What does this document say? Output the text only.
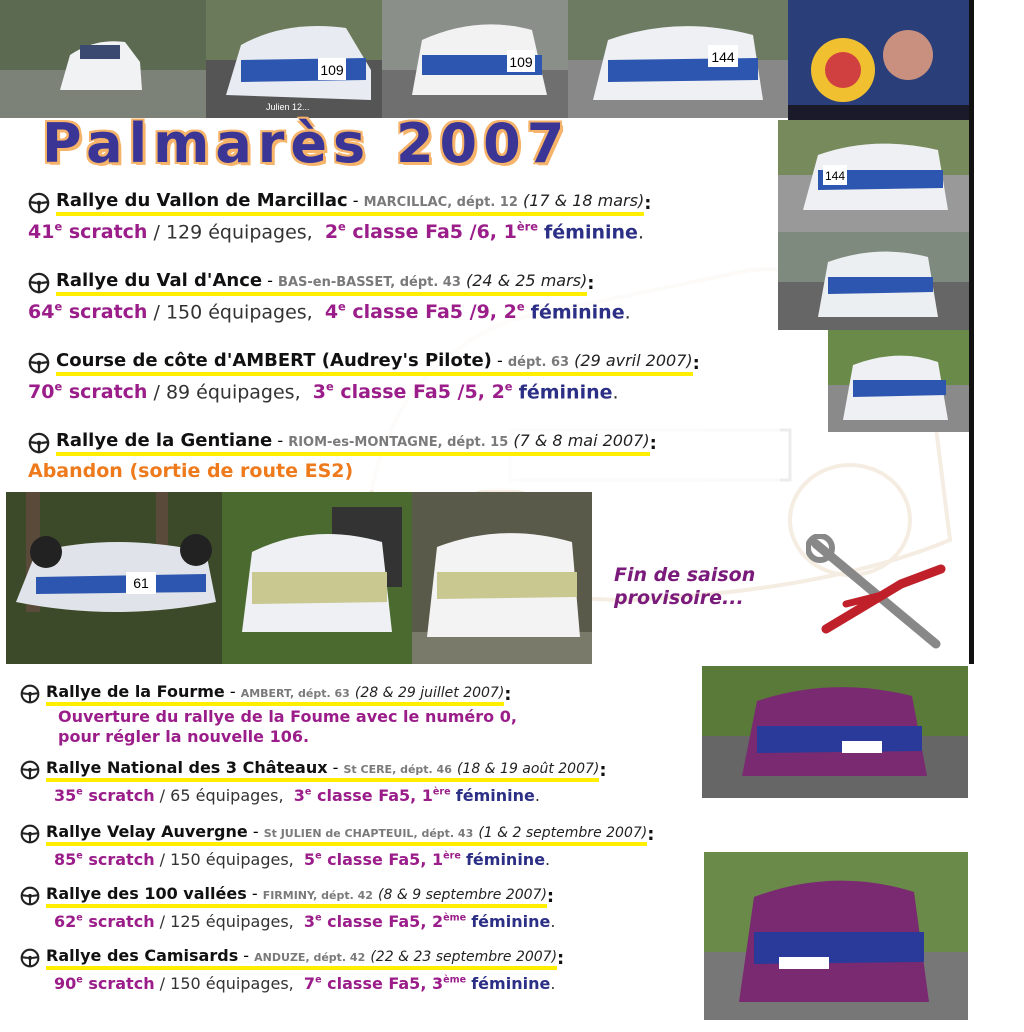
109
Julien 12...
109	144
Palmarès 2007
144
Rallye du Vallon de Marcillac - MARCILLAC, dépt. 12 (17 & 18 mars) :
41e scratch / 129 équipages, 2e classe Fa5 /6, 1ère féminine.
Rallye du Val d'Ance - BAS-en-BASSET, dépt. 43 (24 & 25 mars) :
64e scratch / 150 équipages, 4e classe Fa5 /9, 2e féminine.
Course de côte d'AMBERT (Audrey's Pilote) - dépt. 63 (29 avril 2007) :
70e scratch / 89 équipages, 3e classe Fa5 /5, 2e féminine.
Rallye de la Gentiane - RIOM-es-MONTAGNE, dépt. 15 (7 & 8 mai 2007) :
Abandon (sortie de route ES2)
61	Fin de saison
provisoire...
Rallye de la Fourme - AMBERT, dépt. 63 (28 & 29 juillet 2007) :
Ouverture du rallye de la Foume avec le numéro 0,
pour régler la nouvelle 106.
Rallye National des 3 Châteaux - St CERE, dépt. 46 (18 & 19 août 2007) :
35e scratch / 65 équipages, 3e classe Fa5, 1ère féminine.
Rallye Velay Auvergne - St JULIEN de CHAPTEUIL, dépt. 43 (1 & 2 septembre 2007) :
85e scratch / 150 équipages, 5e classe Fa5, 1ère féminine.
Rallye des 100 vallées - FIRMINY, dépt. 42 (8 & 9 septembre 2007) :
62e scratch / 125 équipages, 3e classe Fa5, 2ème féminine.
Rallye des Camisards - ANDUZE, dépt. 42 (22 & 23 septembre 2007) :
90e scratch / 150 équipages, 7e classe Fa5, 3ème féminine.
